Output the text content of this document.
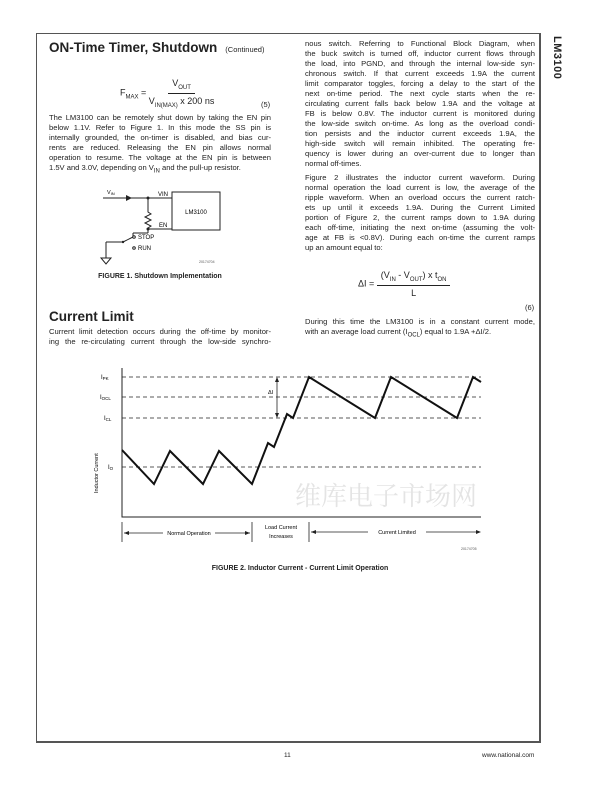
LM3100
ON-Time Timer, Shutdown (Continued)
$F_{MAX} = \frac{V_{OUT}}{V_{IN(MAX)} x 200 ns}$	(5)
The LM3100 can be remotely shut down by taking the EN pin
below 1.1V. Refer to Figure 1. In this mode the SS pin is
internally grounded, the on-timer is disabled, and bias cur-
rents are reduced. Releasing the EN pin allows normal
operation to resume. The voltage at the EN pin is between
1.5V and 3.0V, depending on $V_{IN}$ and the pull-up resistor.
VIN	VIN
EN
LM3100
STOP
RUN
20174704
FIGURE 1. Shutdown Implementation
Current Limit
Current limit detection occurs during the off-time by monitor-
ing the re-circulating current through the low-side synchro-
nous switch. Referring to Functional Block Diagram, when
the buck switch is turned off, inductor current flows through
the load, into PGND, and through the internal low-side syn-
chronous switch. If that current exceeds 1.9A the current
limit comparator toggles, forcing a delay to the start of the
next on-time period. The next cycle starts when the re-
circulating current falls back below 1.9A and the voltage at
FB is below 0.8V. The inductor current is monitored during
the low-side switch on-time. As long as the overload condi-
tion persists and the inductor current exceeds 1.9A, the
high-side switch will remain inhibited. The operating fre-
quency is lower during an over-current due to longer than
normal off-times.
Figure 2 illustrates the inductor current waveform. During
normal operation the load current is low, the average of the
ripple waveform. When an overload occurs the current ratch-
ets up until it exceeds 1.9A. During the Current Limited
portion of Figure 2, the current ramps down to 1.9A during
each off-time, initiating the next on-time (assuming the volt-
age at FB is <0.8V). During each on-time the current ramps
up an amount equal to:
$\Delta I = \frac{(V_{IN} - V_{OUT}) x t_{ON}}{L}$
(6)
During this time the LM3100 is in a constant current mode,
with an average load current $(I_{OCL})$ equal to 1.9A +ΔI/2.
维库电子市场网
ΔI
IPK
IOCL
ICL
IO
Inductor Current
Normal Operation
Load Current
Increases
Current Limited
20174705
FIGURE 2. Inductor Current - Current Limit Operation
11	www.national.com
